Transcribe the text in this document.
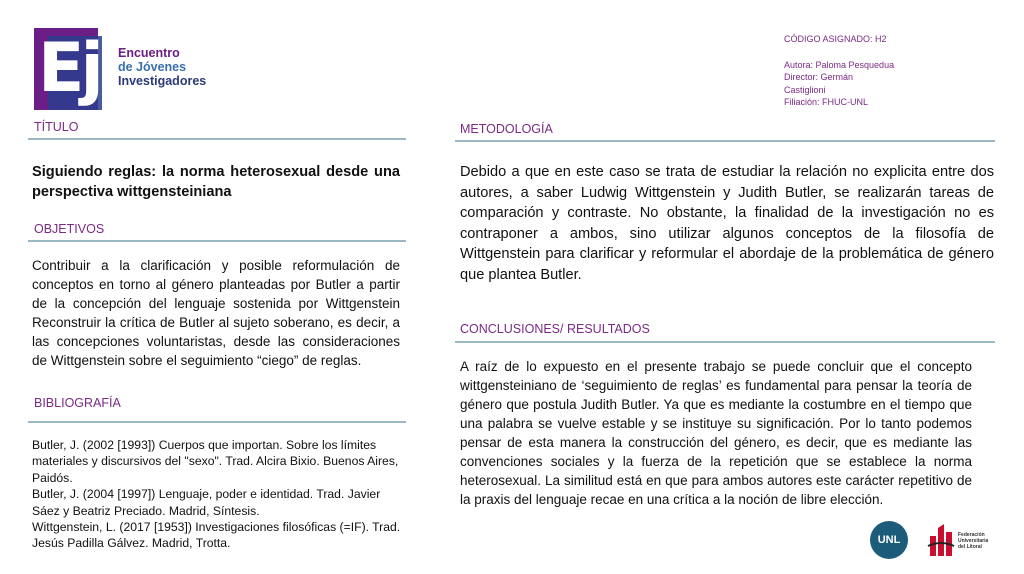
Eji
Encuentro
de Jóvenes
Investigadores
CÓDIGO ASIGNADO: H2
Autora: Paloma Pesquedua
Director: Germán
Castiglioni
Filiación: FHUC-UNL
TÍTULO
Siguiendo reglas: la norma heterosexual desde una perspectiva wittgensteiniana
OBJETIVOS
Contribuir a la clarificación y posible reformulación de conceptos en torno al género planteadas por Butler a partir de la concepción del lenguaje sostenida por Wittgenstein Reconstruir la crítica de Butler al sujeto soberano, es decir, a las concepciones voluntaristas, desde las consideraciones de Wittgenstein sobre el seguimiento “ciego” de reglas.
BIBLIOGRAFÍA

Butler, J. (2002 [1993]) Cuerpos que importan. Sobre los límites materiales y discursivos del "sexo". Trad. Alcira Bixio. Buenos Aires, Paidós.

Butler, J. (2004 [1997]) Lenguaje, poder e identidad. Trad. Javier Sáez y Beatriz Preciado. Madrid, Síntesis.

Wittgenstein, L. (2017 [1953]) Investigaciones filosóficas (=IF). Trad. Jesús Padilla Gálvez. Madrid, Trotta.

METODOLOGÍA
Debido a que en este caso se trata de estudiar la relación no explicita entre dos autores, a saber Ludwig Wittgenstein y Judith Butler, se realizarán tareas de comparación y contraste. No obstante, la finalidad de la investigación no es contraponer a ambos, sino utilizar algunos conceptos de la filosofía de Wittgenstein para clarificar y reformular el abordaje de la problemática de género que plantea Butler.
CONCLUSIONES/ RESULTADOS
A raíz de lo expuesto en el presente trabajo se puede concluir que el concepto wittgensteiniano de ‘seguimiento de reglas’ es fundamental para pensar la teoría de género que postula Judith Butler. Ya que es mediante la costumbre en el tiempo que una palabra se vuelve estable y se instituye su significación. Por lo tanto podemos pensar de esta manera la construcción del género, es decir, que es mediante las convenciones sociales y la fuerza de la repetición que se establece la norma heterosexual. La similitud está en que para ambos autores este carácter repetitivo de la praxis del lenguaje recae en una crítica a la noción de libre elección.
UNL	Federación
Universitaria
del Litoral
